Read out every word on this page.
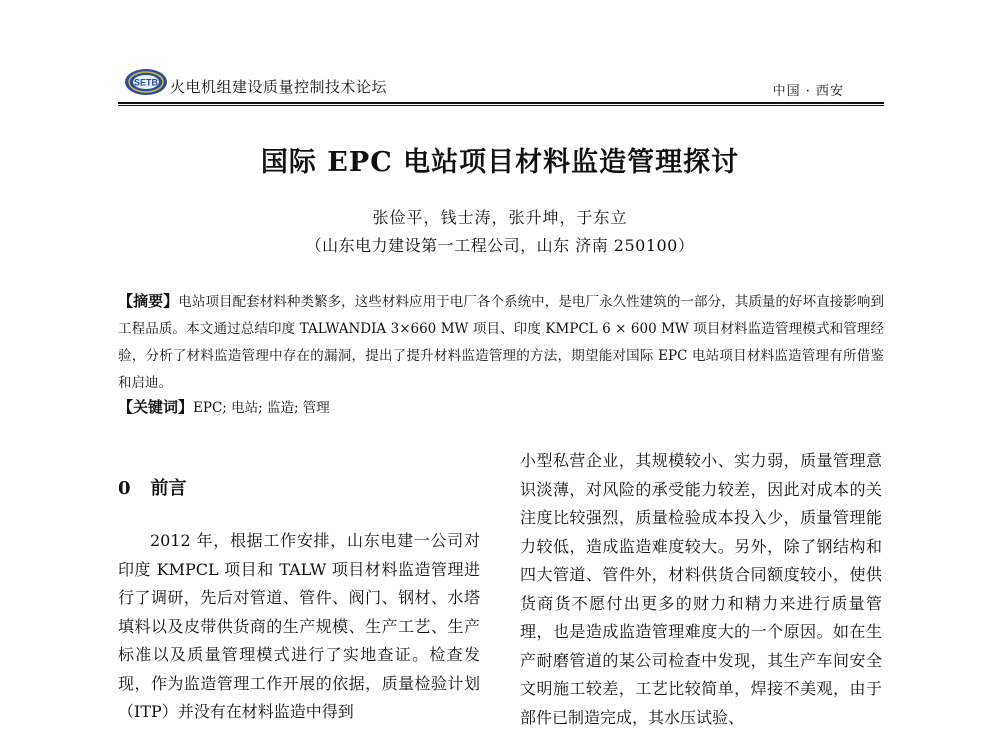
SETB 火电机组建设质量控制技术论坛	中国 · 西安
国际 EPC 电站项目材料监造管理探讨
张俭平，钱士涛，张升坤，于东立
（山东电力建设第一工程公司，山东 济南 250100）
【摘要】电站项目配套材料种类繁多，这些材料应用于电厂各个系统中，是电厂永久性建筑的一部分，其质量的好坏直接影响到工程品质。本文通过总结印度 TALWANDIA 3×660 MW 项目、印度 KMPCL 6 × 600 MW 项目材料监造管理模式和管理经验，分析了材料监造管理中存在的漏洞，提出了提升材料监造管理的方法，期望能对国际 EPC 电站项目材料监造管理有所借鉴和启迪。
【关键词】EPC; 电站; 监造; 管理
0 前言
2012 年，根据工作安排，山东电建一公司对印度 KMPCL 项目和 TALW 项目材料监造管理进行了调研，先后对管道、管件、阀门、钢材、水塔填料以及皮带供货商的生产规模、生产工艺、生产标准以及质量管理模式进行了实地查证。检查发现，作为监造管理工作开展的依据，质量检验计划（ITP）并没有在材料监造中得到
小型私营企业，其规模较小、实力弱，质量管理意识淡薄，对风险的承受能力较差，因此对成本的关注度比较强烈，质量检验成本投入少，质量管理能力较低，造成监造难度较大。另外，除了钢结构和四大管道、管件外，材料供货合同额度较小，使供货商货不愿付出更多的财力和精力来进行质量管理，也是造成监造管理难度大的一个原因。如在生产耐磨管道的某公司检查中发现，其生产车间安全文明施工较差，工艺比较简单，焊接不美观，由于部件已制造完成，其水压试验、
